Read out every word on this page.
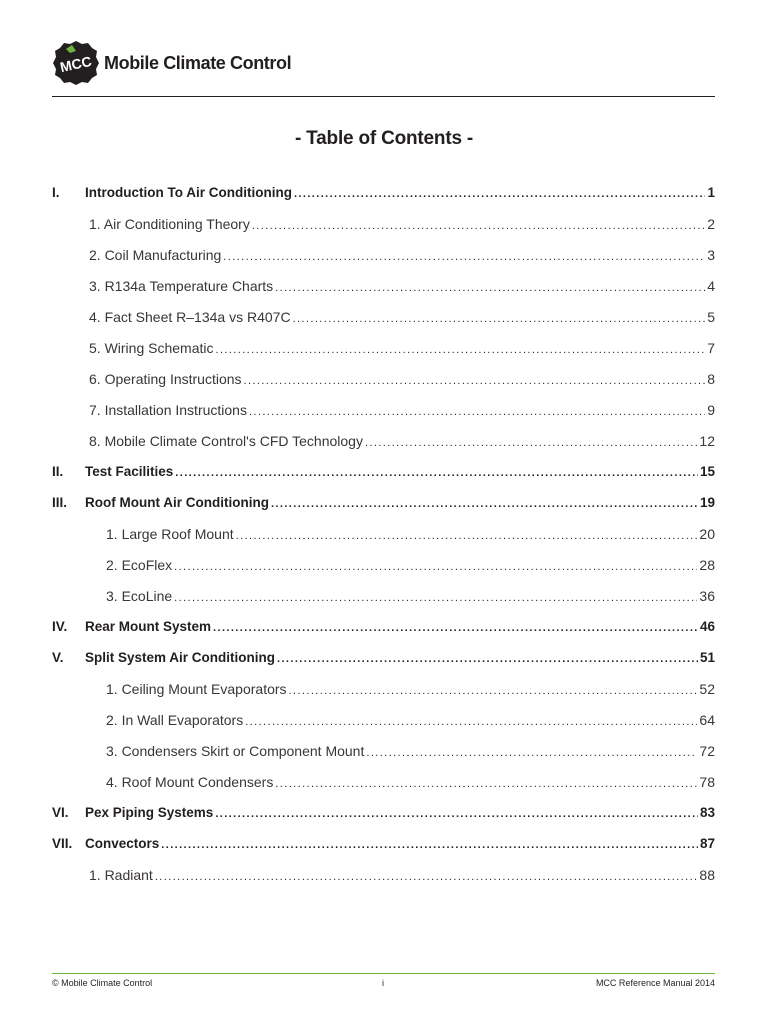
MCC Mobile Climate Control
- Table of Contents -
I.	Introduction To Air Conditioning .....	1
1. Air Conditioning Theory .....	2
2. Coil Manufacturing .....	3
3. R134a Temperature Charts .....	4
4. Fact Sheet R–134a vs R407C .....	5
5. Wiring Schematic .....	7
6. Operating Instructions .....	8
7. Installation Instructions .....	9
8. Mobile Climate Control's CFD Technology .....	12
II.	Test Facilities .....	15
III.	Roof Mount Air Conditioning .....	19
1. Large Roof Mount .....	20
2. EcoFlex .....	28
3. EcoLine .....	36
IV.	Rear Mount System .....	46
V.	Split System Air Conditioning .....	51
1. Ceiling Mount Evaporators .....	52
2. In Wall Evaporators .....	64
3. Condensers Skirt or Component Mount .....	72
4. Roof Mount Condensers .....	78
VI.	Pex Piping Systems .....	83
VII. Convectors .....	87
1. Radiant .....	88
© Mobile Climate Control	i	MCC Reference Manual 2014
